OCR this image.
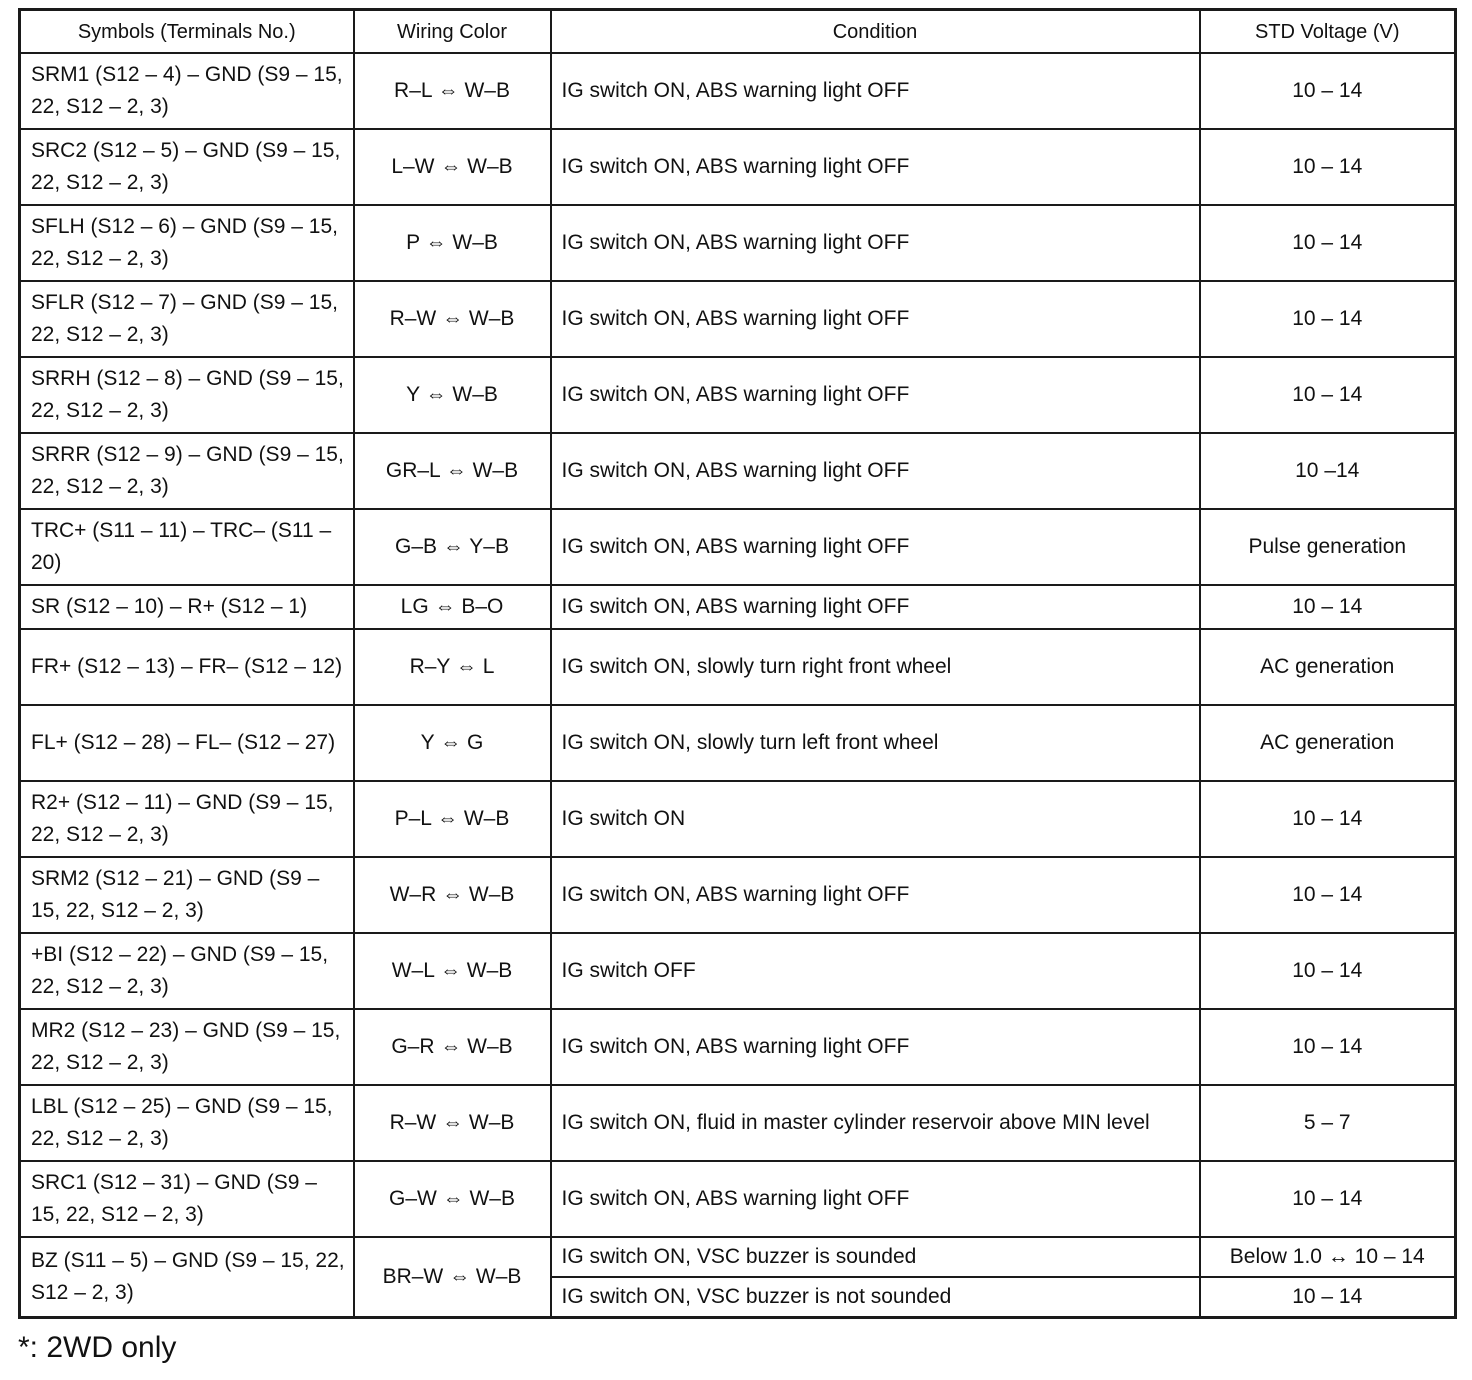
Symbols (Terminals No.)	Wiring Color	Condition	STD Voltage (V)
SRM1 (S12 – 4) – GND (S9 – 15, 22, S12 – 2, 3)	R–L ⇔ W–B	IG switch ON, ABS warning light OFF	10 – 14
SRC2 (S12 – 5) – GND (S9 – 15, 22, S12 – 2, 3)	L–W ⇔ W–B	IG switch ON, ABS warning light OFF	10 – 14
SFLH (S12 – 6) – GND (S9 – 15, 22, S12 – 2, 3)	P ⇔ W–B	IG switch ON, ABS warning light OFF	10 – 14
SFLR (S12 – 7) – GND (S9 – 15, 22, S12 – 2, 3)	R–W ⇔ W–B	IG switch ON, ABS warning light OFF	10 – 14
SRRH (S12 – 8) – GND (S9 – 15, 22, S12 – 2, 3)	Y ⇔ W–B	IG switch ON, ABS warning light OFF	10 – 14
SRRR (S12 – 9) – GND (S9 – 15, 22, S12 – 2, 3)	GR–L ⇔ W–B	IG switch ON, ABS warning light OFF	10 –14
TRC+ (S11 – 11) – TRC– (S11 – 20)	G–B ⇔ Y–B	IG switch ON, ABS warning light OFF	Pulse generation
SR (S12 – 10) – R+ (S12 – 1)	LG ⇔ B–O	IG switch ON, ABS warning light OFF	10 – 14
FR+ (S12 – 13) – FR– (S12 – 12)	R–Y ⇔ L	IG switch ON, slowly turn right front wheel	AC generation
FL+ (S12 – 28) – FL– (S12 – 27)	Y ⇔ G	IG switch ON, slowly turn left front wheel	AC generation
R2+ (S12 – 11) – GND (S9 – 15, 22, S12 – 2, 3)	P–L ⇔ W–B	IG switch ON	10 – 14
SRM2 (S12 – 21) – GND (S9 – 15, 22, S12 – 2, 3)	W–R ⇔ W–B	IG switch ON, ABS warning light OFF	10 – 14
+BI (S12 – 22) – GND (S9 – 15, 22, S12 – 2, 3)	W–L ⇔ W–B	IG switch OFF	10 – 14
MR2 (S12 – 23) – GND (S9 – 15, 22, S12 – 2, 3)	G–R ⇔ W–B	IG switch ON, ABS warning light OFF	10 – 14
LBL (S12 – 25) – GND (S9 – 15, 22, S12 – 2, 3)	R–W ⇔ W–B	IG switch ON, fluid in master cylinder reservoir above MIN level	5 – 7
SRC1 (S12 – 31) – GND (S9 – 15, 22, S12 – 2, 3)	G–W ⇔ W–B	IG switch ON, ABS warning light OFF	10 – 14
BZ (S11 – 5) – GND (S9 – 15, 22, S12 – 2, 3)	BR–W ⇔ W–B	IG switch ON, VSC buzzer is sounded	Below 1.0 ↔ 10 – 14
		IG switch ON, VSC buzzer is not sounded	10 – 14
*: 2WD only
